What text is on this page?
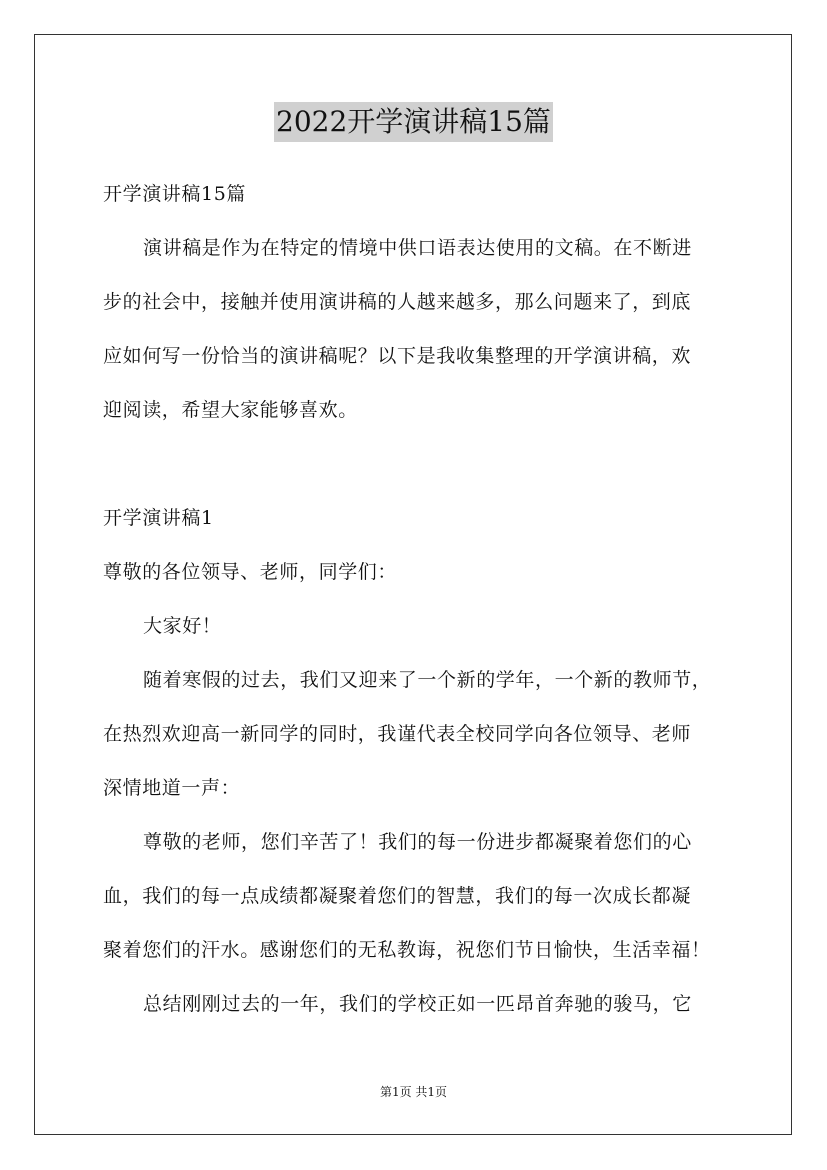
2022开学演讲稿15篇
开学演讲稿15篇
演讲稿是作为在特定的情境中供口语表达使用的文稿。在不断进
步的社会中，接触并使用演讲稿的人越来越多，那么问题来了，到底
应如何写一份恰当的演讲稿呢？以下是我收集整理的开学演讲稿，欢
迎阅读，希望大家能够喜欢。
开学演讲稿1
尊敬的各位领导、老师，同学们：
大家好！
随着寒假的过去，我们又迎来了一个新的学年，一个新的教师节，
在热烈欢迎高一新同学的同时，我谨代表全校同学向各位领导、老师
深情地道一声：
尊敬的老师，您们辛苦了！我们的每一份进步都凝聚着您们的心
血，我们的每一点成绩都凝聚着您们的智慧，我们的每一次成长都凝
聚着您们的汗水。感谢您们的无私教诲，祝您们节日愉快，生活幸福！
总结刚刚过去的一年，我们的学校正如一匹昂首奔驰的骏马，它
第1页 共1页
